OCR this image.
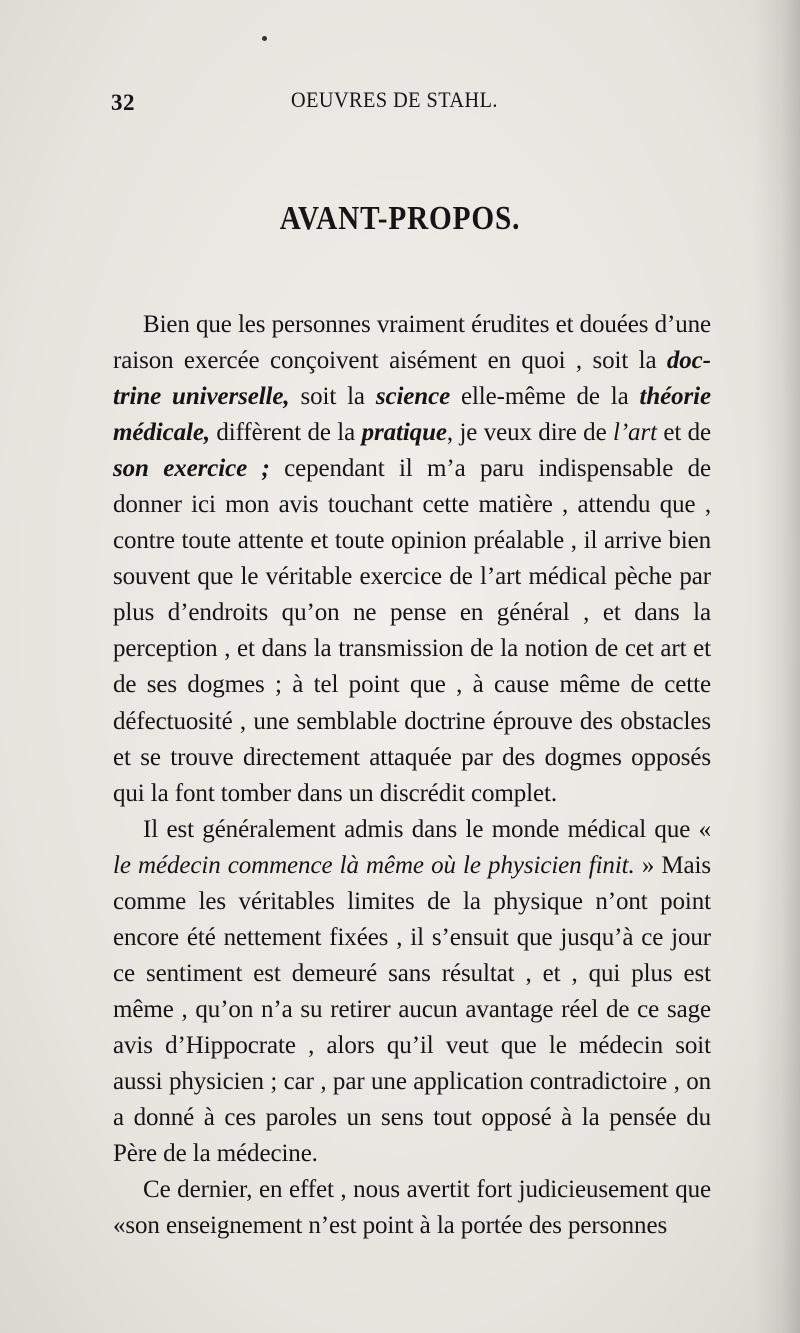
32	OEUVRES DE STAHL.
AVANT-PROPOS.

Bien que les personnes vraiment érudites et douées d’une raison exercée conçoivent aisément en quoi , soit la doctrine universelle, soit la science elle-même de la théorie médicale, diffèrent de la pratique, je veux dire de l’art et de son exercice ; cependant il m’a paru indispensable de donner ici mon avis touchant cette matière , attendu que , contre toute attente et toute opinion préalable , il arrive bien souvent que le véritable exercice de l’art médical pèche par plus d’endroits qu’on ne pense en général , et dans la perception , et dans la transmission de la notion de cet art et de ses dogmes ; à tel point que , à cause même de cette défectuosité , une semblable doctrine éprouve des obstacles et se trouve directement attaquée par des dogmes opposés qui la font tomber dans un discrédit complet.

Il est généralement admis dans le monde médical que « le médecin commence là même où le physicien finit. » Mais comme les véritables limites de la physique n’ont point encore été nettement fixées , il s’ensuit que jusqu’à ce jour ce sentiment est demeuré sans résultat , et , qui plus est même , qu’on n’a su retirer aucun avantage réel de ce sage avis d’Hippocrate , alors qu’il veut que le médecin soit aussi physicien ; car , par une application contradictoire , on a donné à ces paroles un sens tout opposé à la pensée du Père de la médecine.

Ce dernier, en effet , nous avertit fort judicieusement que «son enseignement n’est point à la portée des personnes
